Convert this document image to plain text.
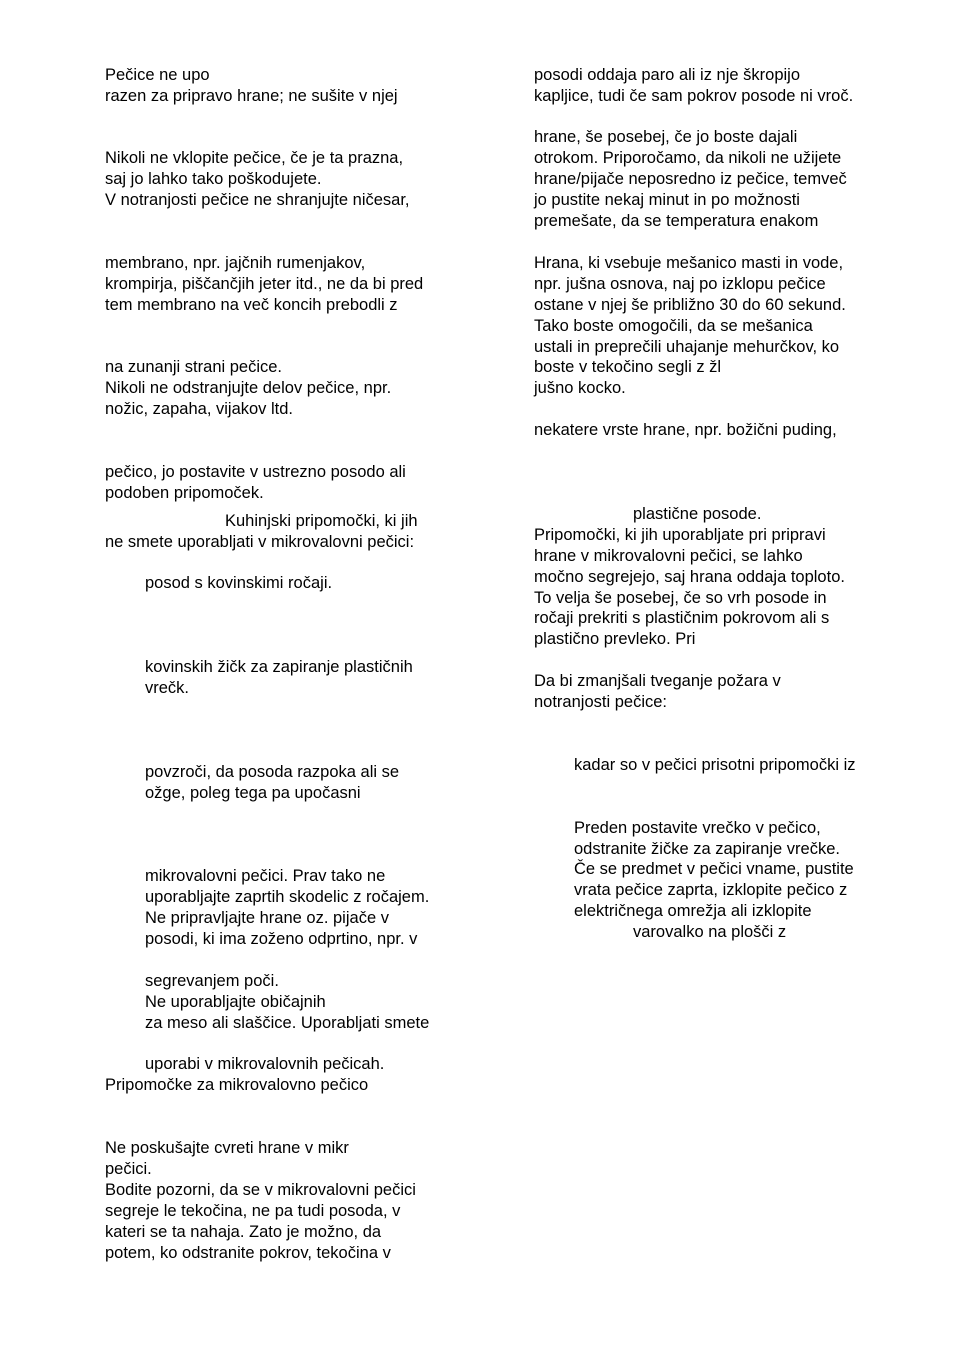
Pečice ne upo

razen za pripravo hrane; ne sušite v njej

Nikoli ne vklopite pečice, če je ta prazna,

saj jo lahko tako poškodujete.

V notranjosti pečice ne shranjujte ničesar,

membrano, npr. jajčnih rumenjakov,

krompirja, piščančjih jeter itd., ne da bi pred

tem membrano na več koncih prebodli z

na zunanji strani pečice.

Nikoli ne odstranjujte delov pečice, npr.

nožic, zapaha, vijakov ltd.

pečico, jo postavite v ustrezno posodo ali

podoben pripomoček.

Kuhinjski pripomočki, ki jih

ne smete uporabljati v mikrovalovni pečici:

posod s kovinskimi ročaji.

kovinskih žičk za zapiranje plastičnih

vrečk.

povzroči, da posoda razpoka ali se

ožge, poleg tega pa upočasni

mikrovalovni pečici. Prav tako ne

uporabljajte zaprtih skodelic z ročajem.

Ne pripravljajte hrane oz. pijače v

posodi, ki ima zoženo odprtino, npr. v

segrevanjem poči.

Ne uporabljajte običajnih

za meso ali slaščice. Uporabljati smete

uporabi v mikrovalovnih pečicah.

Pripomočke za mikrovalovno pečico

Ne poskušajte cvreti hrane v mikr

pečici.

Bodite pozorni, da se v mikrovalovni pečici

segreje le tekočina, ne pa tudi posoda, v

kateri se ta nahaja. Zato je možno, da

potem, ko odstranite pokrov, tekočina v

posodi oddaja paro ali iz nje škropijo

kapljice, tudi če sam pokrov posode ni vroč.

hrane, še posebej, če jo boste dajali

otrokom. Priporočamo, da nikoli ne užijete

hrane/pijače neposredno iz pečice, temveč

jo pustite nekaj minut in po možnosti

premešate, da se temperatura enakom

Hrana, ki vsebuje mešanico masti in vode,

npr. jušna osnova, naj po izklopu pečice

ostane v njej še približno 30 do 60 sekund.

Tako boste omogočili, da se mešanica

ustali in preprečili uhajanje mehurčkov, ko

boste v tekočino segli z žl

jušno kocko.

nekatere vrste hrane, npr. božični puding,

plastične posode.

Pripomočki, ki jih uporabljate pri pripravi

hrane v mikrovalovni pečici, se lahko

močno segrejejo, saj hrana oddaja toploto.

To velja še posebej, če so vrh posode in

ročaji prekriti s plastičnim pokrovom ali s

plastično prevleko. Pri

Da bi zmanjšali tveganje požara v

notranjosti pečice:

kadar so v pečici prisotni pripomočki iz

Preden postavite vrečko v pečico,

odstranite žičke za zapiranje vrečke.

Če se predmet v pečici vname, pustite

vrata pečice zaprta, izklopite pečico z

električnega omrežja ali izklopite

varovalko na plošči z
